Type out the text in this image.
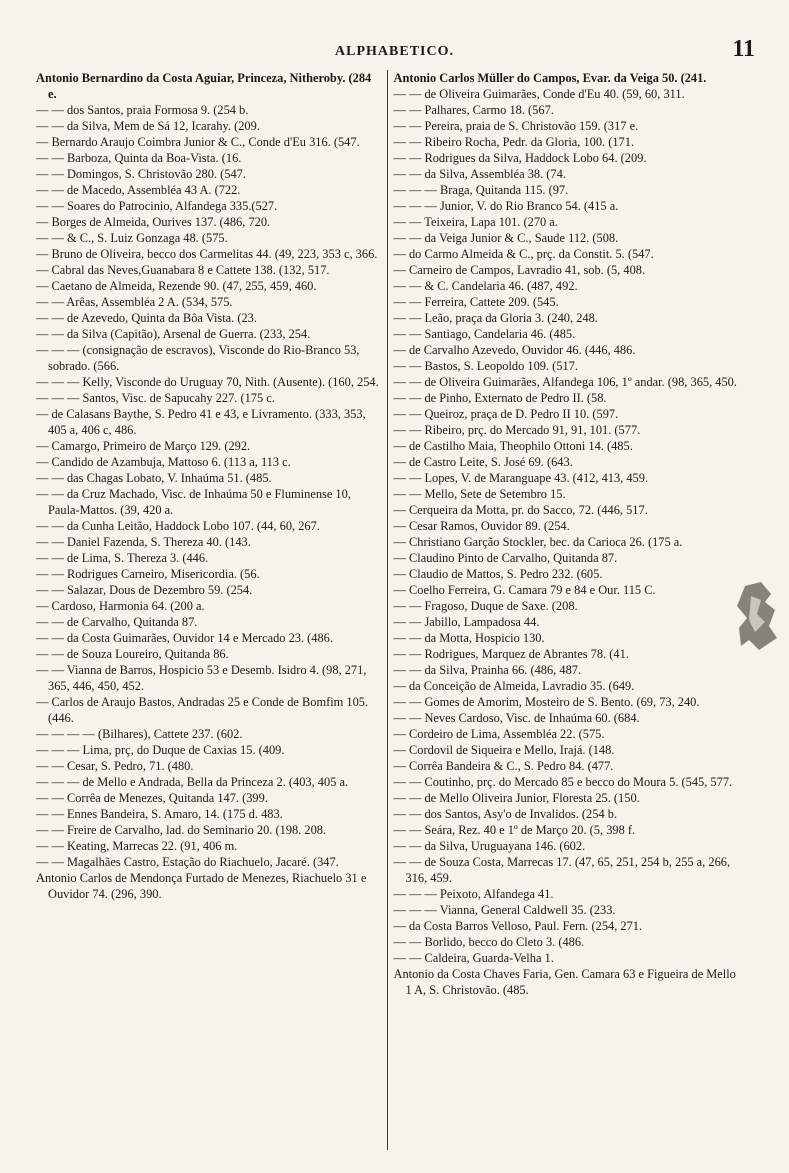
ALPHABETICO.	11

Antonio Bernardino da Costa Aguiar, Princeza, Nitheroby. (284 e.

— — dos Santos, praia Formosa 9. (254 b.

— — da Silva, Mem de Sá 12, Icarahy. (209.

— Bernardo Araujo Coimbra Junior & C., Conde d'Eu 316. (547.

— — Barboza, Quinta da Boa-Vista. (16.

— — Domingos, S. Christovão 280. (547.

— — de Macedo, Assembléa 43 A. (722.

— — Soares do Patrocinio, Alfandega 335.(527.

— Borges de Almeida, Ourives 137. (486, 720.

— — & C., S. Luiz Gonzaga 48. (575.

— Bruno de Oliveira, becco dos Carmelitas 44. (49, 223, 353 c, 366.

— Cabral das Neves,Guanabara 8 e Cattete 138. (132, 517.

— Caetano de Almeida, Rezende 90. (47, 255, 459, 460.

— — Arêas, Assembléa 2 A. (534, 575.

— — de Azevedo, Quinta da Bôa Vista. (23.

— — da Silva (Capitão), Arsenal de Guerra. (233, 254.

— — — (consignação de escravos), Visconde do Rio-Branco 53, sobrado. (566.

— — — Kelly, Visconde do Uruguay 70, Nith. (Ausente). (160, 254.

— — — Santos, Visc. de Sapucahy 227. (175 c.

— de Calasans Baythe, S. Pedro 41 e 43, e Livramento. (333, 353, 405 a, 406 c, 486.

— Camargo, Primeiro de Março 129. (292.

— Candido de Azambuja, Mattoso 6. (113 a, 113 c.

— — das Chagas Lobato, V. Inhaúma 51. (485.

— — da Cruz Machado, Visc. de Inhaúma 50 e Fluminense 10, Paula-Mattos. (39, 420 a.

— — da Cunha Leitão, Haddock Lobo 107. (44, 60, 267.

— — Daniel Fazenda, S. Thereza 40. (143.

— — de Lima, S. Thereza 3. (446.

— — Rodrigues Carneiro, Misericordia. (56.

— — Salazar, Dous de Dezembro 59. (254.

— Cardoso, Harmonia 64. (200 a.

— — de Carvalho, Quitanda 87.

— — da Costa Guimarães, Ouvidor 14 e Mercado 23. (486.

— — de Souza Loureiro, Quitanda 86.

— — Vianna de Barros, Hospicio 53 e Desemb. Isidro 4. (98, 271, 365, 446, 450, 452.

— Carlos de Araujo Bastos, Andradas 25 e Conde de Bomfim 105. (446.

— — — — (Bilhares), Cattete 237. (602.

— — — Lima, prç, do Duque de Caxias 15. (409.

— — Cesar, S. Pedro, 71. (480.

— — — de Mello e Andrada, Bella da Princeza 2. (403, 405 a.

— — Corrêa de Menezes, Quitanda 147. (399.

— — Ennes Bandeira, S. Amaro, 14. (175 d. 483.

— — Freire de Carvalho, lad. do Seminario 20. (198. 208.

— — Keating, Marrecas 22. (91, 406 m.

— — Magalhães Castro, Estação do Riachuelo, Jacaré. (347.

Antonio Carlos de Mendonça Furtado de Menezes, Riachuelo 31 e Ouvidor 74. (296, 390.

Antonio Carlos Müller do Campos, Evar. da Veiga 50. (241.

— — de Oliveira Guimarães, Conde d'Eu 40. (59, 60, 311.

— — Palhares, Carmo 18. (567.

— — Pereira, praia de S. Christovão 159. (317 e.

— — Ribeiro Rocha, Pedr. da Gloria, 100. (171.

— — Rodrigues da Silva, Haddock Lobo 64. (209.

— — da Silva, Assembléa 38. (74.

— — — Braga, Quitanda 115. (97.

— — — Junior, V. do Rio Branco 54. (415 a.

— — Teixeira, Lapa 101. (270 a.

— — da Veiga Junior & C., Saude 112. (508.

— do Carmo Almeida & C., prç. da Constit. 5. (547.

— Carneiro de Campos, Lavradio 41, sob. (5, 408.

— — & C. Candelaria 46. (487, 492.

— — Ferreira, Cattete 209. (545.

— — Leão, praça da Gloria 3. (240, 248.

— — Santiago, Candelaria 46. (485.

— de Carvalho Azevedo, Ouvidor 46. (446, 486.

— — Bastos, S. Leopoldo 109. (517.

— — de Oliveira Guimarães, Alfandega 106, 1º andar. (98, 365, 450.

— — de Pinho, Externato de Pedro II. (58.

— — Queiroz, praça de D. Pedro II 10. (597.

— — Ribeiro, prç. do Mercado 91, 91, 101. (577.

— de Castilho Maia, Theophilo Ottoni 14. (485.

— de Castro Leite, S. José 69. (643.

— — Lopes, V. de Maranguape 43. (412, 413, 459.

— — Mello, Sete de Setembro 15.

— Cerqueira da Motta, pr. do Sacco, 72. (446, 517.

— Cesar Ramos, Ouvidor 89. (254.

— Christiano Garção Stockler, bec. da Carioca 26. (175 a.

— Claudino Pinto de Carvalho, Quitanda 87.

— Claudio de Mattos, S. Pedro 232. (605.

— Coelho Ferreira, G. Camara 79 e 84 e Our. 115 C.

— — Fragoso, Duque de Saxe. (208.

— — Jabillo, Lampadosa 44.

— — da Motta, Hospicio 130.

— — Rodrigues, Marquez de Abrantes 78. (41.

— — da Silva, Prainha 66. (486, 487.

— da Conceição de Almeida, Lavradio 35. (649.

— — Gomes de Amorim, Mosteiro de S. Bento. (69, 73, 240.

— — Neves Cardoso, Visc. de Inhaúma 60. (684.

— Cordeiro de Lima, Assembléa 22. (575.

— Cordovil de Siqueira e Mello, Irajá. (148.

— Corrêa Bandeira & C., S. Pedro 84. (477.

— — Coutinho, prç. do Mercado 85 e becco do Moura 5. (545, 577.

— — de Mello Oliveira Junior, Floresta 25. (150.

— — dos Santos, Asy'o de Invalidos. (254 b.

— — Seára, Rez. 40 e 1º de Março 20. (5, 398 f.

— — da Silva, Uruguayana 146. (602.

— — de Souza Costa, Marrecas 17. (47, 65, 251, 254 b, 255 a, 266, 316, 459.

— — — Peixoto, Alfandega 41.

— — — Vianna, General Caldwell 35. (233.

— da Costa Barros Velloso, Paul. Fern. (254, 271.

— — Borlido, becco do Cleto 3. (486.

— — Caldeira, Guarda-Velha 1.

Antonio da Costa Chaves Faria, Gen. Camara 63 e Figueira de Mello 1 A, S. Christovão. (485.
